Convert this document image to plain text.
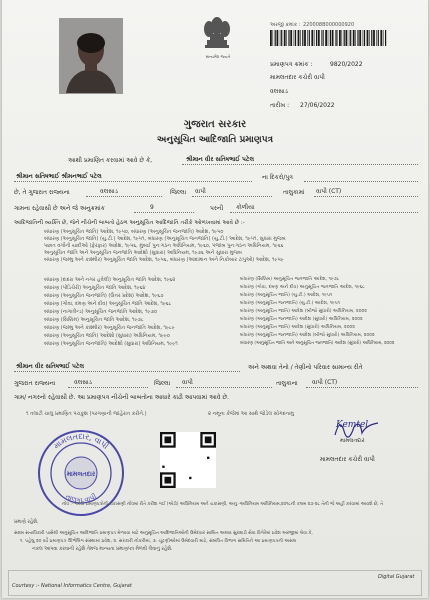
સત્યમેવ જયતે
અરજી ક્રમાંક : 220008B000000920
પ્રમાણપત્ર ક્રમાંક :	9820/2022
મામલતદાર કચેરી વાપી
વલસાડ
તારીખ : 27/06/2022
ગુજરાત સરકાર
અનુસૂચિત આદિજાતિ પ્રમાણપત્ર
આથી પ્રમાણિત કરવામાં આવે છે કે,	શ્રીમાન વીર સતિષભાઈ પટેલ
શ્રીમાન સતિષભાઈ શ્રીમનભાઈ પટેલ	ના દિકરો/પુત્ર
છે, તે ગુજરાત રાજ્યના	વલસાડ	જિલ્લા વાપી	તાલુકામાં વાપી (CT)
ગામના રહેવાસી છે અને જે અનુક્રમાંક	9	પરની કોળીયા
આદિજાતિની વ્યક્તિ છે, જેને નીચેની બાબતો હેઠળ અનુસૂચિત આદિજાતિ તરીકે ઓળખવામાં આવે છે :-
બંધારણ (અનુસૂચિત જાતિ) આદેશ, ૧૯૫૦, બંધારણ (અનુસૂચિત જનજાતિ) આદેશ, ૧૯૫૦
બંધારણ (અનુસૂચિત જાતિ) (યુ.ટી.) આદેશ, ૧૯૫૧, બંધારણ (અનુસૂચિત જનજાતિ) (યુ.ટી.) આદેશ, ૧૯૫૧, સુધારા મુજબ
પછાત વર્ગોની યાદીઓ (ફેરફાર) આદેશ, ૧૯૫૬, મુંબઈ પુનઃગઠન અધિનિયમ, ૧૯૬૦, પંજાબ પુનઃગઠન અધિનિયમ, ૧૯૬૬
અનુસૂચિત જાતિ અને અનુસૂચિત જનજાતિ આદેશો (સુધારા) અધિનિયમ, ૧૯૭૬ અને સુધારા મુજબ
બંધારણ (જમ્મુ અને કાશ્મીર) અનુસૂચિત જાતિ આદેશ, ૧૯૫૬, બંધારણ (આંદામાન અને નિકોબાર ટાપુઓ) આદેશ, ૧૯૫૯
બંધારણ (દાદરા અને નગર હવેલી) અનુસૂચિત જાતિ આદેશ, ૧૯૬૨
બંધારણ (પોંડિચેરી) અનુસૂચિત જાતિ આદેશ, ૧૯૬૪
બંધારણ (અનુસૂચિત જનજાતિ) (ઉત્તર પ્રદેશ) આદેશ, ૧૯૬૭
બંધારણ (ગોવા, દમણ અને દીવ) અનુસૂચિત જાતિ આદેશ, ૧૯૬૮
બંધારણ (નાગાલેન્ડ) અનુસૂચિત જનજાતિ આદેશ, ૧૯૭૦
બંધારણ (સિક્કિમ) અનુસૂચિત જાતિ આદેશ, ૧૯૭૮
બંધારણ (જમ્મુ અને કાશ્મીર) અનુસૂચિત જનજાતિ આદેશ, ૧૯૮૯
બંધારણ (અનુસૂચિત જાતિ) આદેશો (સુધારા) અધિનિયમ, ૧૯૯૦
બંધારણ (અનુસૂચિત જનજાતિ) આદેશો (સુધારા) અધિનિયમ, ૧૯૯૧
બંધારણ (સિક્કિમ) અનુસૂચિત જનજાતિ આદેશ, ૧૯૭૮
બંધારણ (ગોવા, દમણ અને દીવ) અનુસૂચિત જનજાતિ આદેશ, ૧૯૬૮
બંધારણ (અનુસૂચિત જાતિ) (યુ.ટી.) આદેશ, ૧૯૫૧
બંધારણ (અનુસૂચિત જનજાતિ) (યુ.ટી.) આદેશ, ૧૯૫૧
બંધારણ (અનુસૂચિત જાતિ) આદેશ (બીજો સુધારો) અધિનિયમ, ૨૦૦૨
બંધારણ (અનુસૂચિત જનજાતિ) આદેશ (સુધારો) અધિનિયમ, ૨૦૦૨
બંધારણ (અનુસૂચિત જાતિ) આદેશ (સુધારો) અધિનિયમ, ૨૦૦૨
બંધારણ (અનુસૂચિત જનજાતિ) આદેશ (બીજો સુધારો) અધિનિયમ, ૨૦૦૨
બંધારણ (અનુસૂચિત જાતિ અને અનુસૂચિત જનજાતિ) આદેશ (સુધારો) અધિનિયમ, ૨૦૦૨
શ્રીમાન વીર સતિષભાઈ પટેલ	અને અથવા તેનો / તેણીનો પરિવાર સામાન્ય રીતે
ગુજરાત રાજ્યના	વલસાડ	જિલ્લા વાપી	તાલુકાના વાપી (CT)
ગામ/ નગરનો રહેવાસી છે. આ પ્રમાણપત્ર નીચેની બાબતોના આધારે કાઢી આપવામાં આવે છે.
૧ તલાટી ચાલુ પ્રમાણિત પંચકુ્શ (પરગણાની જાહેરાત કરીને.)	૨ નમૂના કેજેમાં આ સાથે જોડેલ સોગંદનામુ
મામલતદાર, વાપી
મામલતદાર
તાલુકા વાપી
Kemtel
મામલતદાર
મામલતદાર કચેરી વાપી
નોંધ :- આવી પ્રમાણપત્રોની ચકાસણી નોંધમાં રીતે કરીશ ગઈ (એડી) અધિનિયમ અને ચકાસણી, અનુ.-અધિનિયમ અધિનિયમ,૨૦૧૮ની કલમ ૨૭-૨૮ તેની જે અહીં કરવામાં આવશે છે, તે
પ્રમાણે રહેશે.
સક્ષમ સત્તાધિકારી પાસેથી અનુસૂચિત આદિજાતિ પ્રમાણપત્ર મેળવવા માટે અનુસૂચિત આદિજાતિઓની ઉમેદવાર સાબિત અથવા સુરક્ષાડી સેવા વિગેરેમાં પ્રવેશ અરજીમાં લેવા કે,
૧. પહેલુ ૨૦ વર્ષે પ્રમાણપત્ર ઊભેલિંગ સંસ્થામાં પ્રવેશ, ૨. સરકારી નોકરીમાં, ૩. ચૂંટણીઓમાં ઉમેદવારી માટે, સંબંધિત વિભાગ સમિતિને આ પ્રમાણપત્રની અસલ
નકલ આપવા કરવાની રહેશે તેમજ માન્યતા પ્રમાણપત્ર મેળવી લેવાનું રહેશે.
Courtesy :- National Informatics Centre, Gujarat
Digital Gujarat
